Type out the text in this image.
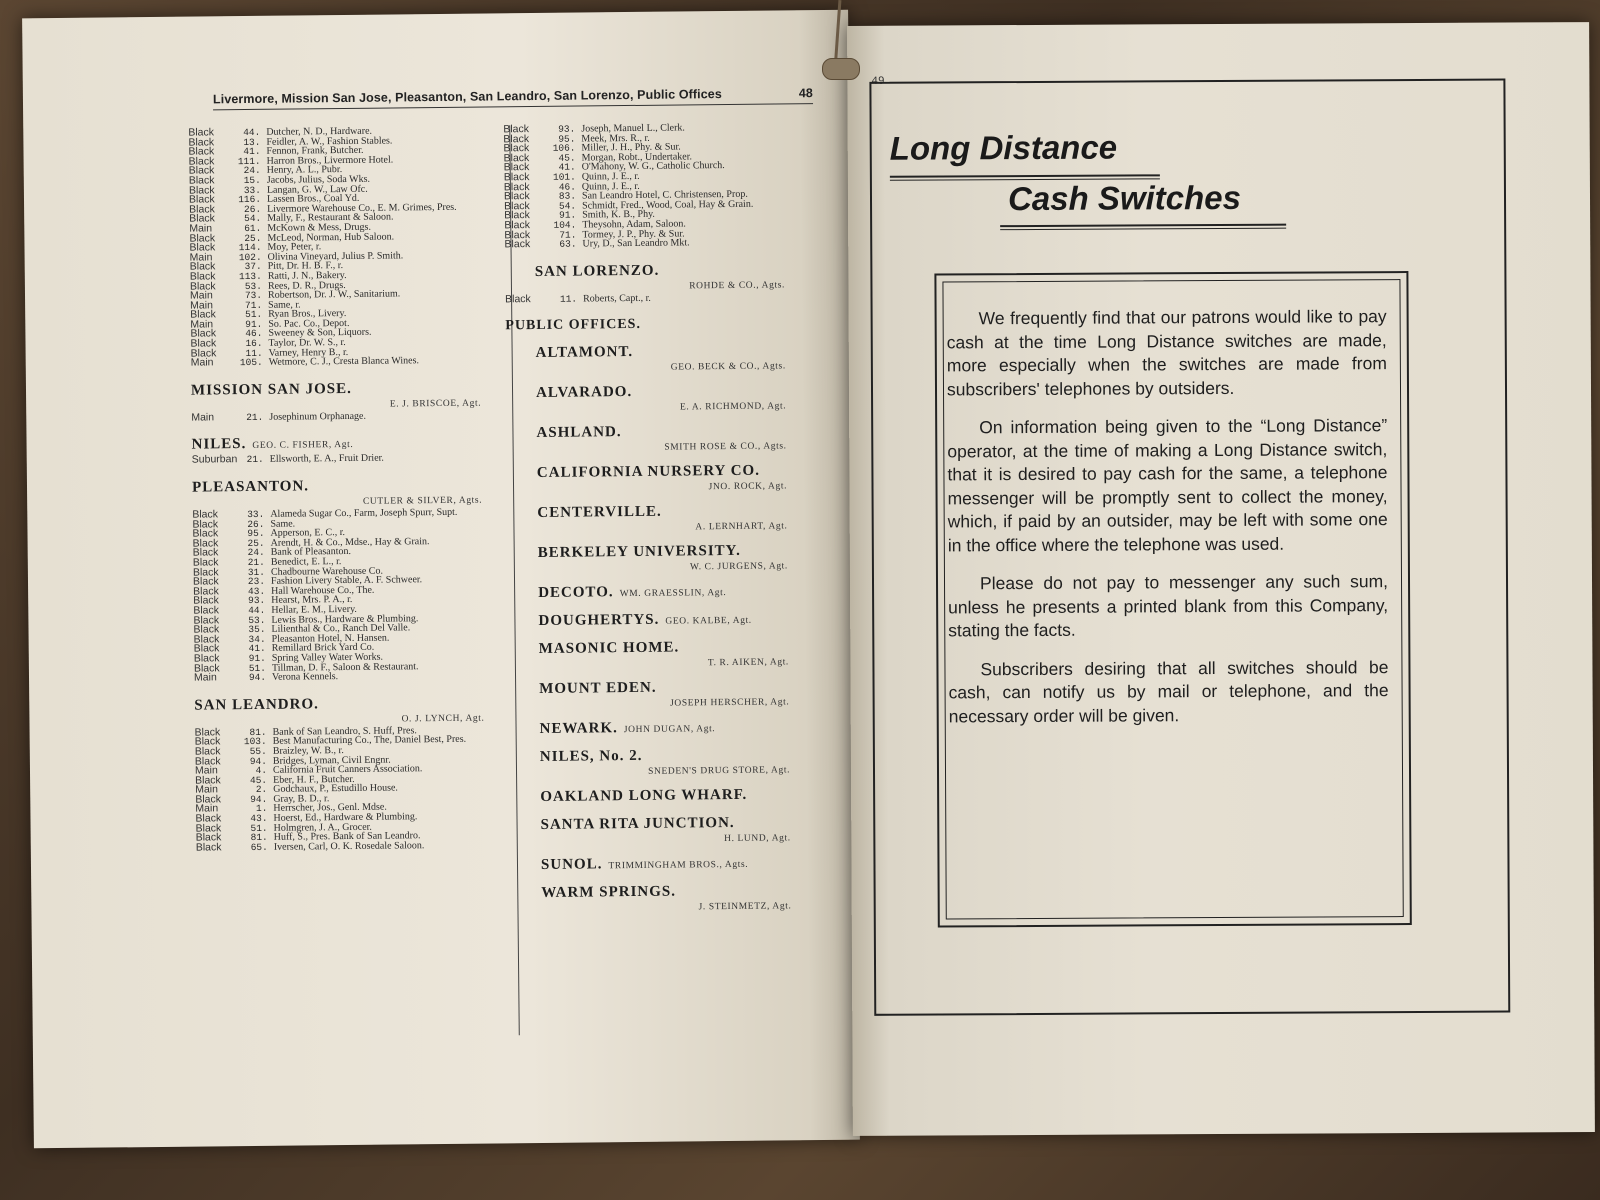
Livermore, Mission San Jose, Pleasanton, San Leandro, San Lorenzo, Public Offices	48
Black	44. Dutcher, N. D., Hardware.
Black	13. Feidler, A. W., Fashion Stables.
Black	41. Fennon, Frank, Butcher.
Black	111. Harron Bros., Livermore Hotel.
Black	24. Henry, A. L., Pubr.
Black	15. Jacobs, Julius, Soda Wks.
Black	33. Langan, G. W., Law Ofc.
Black	116. Lassen Bros., Coal Yd.
Black	26. Livermore Warehouse Co., E. M. Grimes, Pres.
Black	54. Mally, F., Restaurant & Saloon.
Main	61. McKown & Mess, Drugs.
Black	25. McLeod, Norman, Hub Saloon.
Black	114. Moy, Peter, r.
Main	102. Olivina Vineyard, Julius P. Smith.
Black	37. Pitt, Dr. H. B. F., r.
Black	113. Ratti, J. N., Bakery.
Black	53. Rees, D. R., Drugs.
Main	73. Robertson, Dr. J. W., Sanitarium.
Main	71. Same, r.
Black	51. Ryan Bros., Livery.
Main	91. So. Pac. Co., Depot.
Black	46. Sweeney & Son, Liquors.
Black	16. Taylor, Dr. W. S., r.
Black	11. Varney, Henry B., r.
Main	105. Wetmore, C. J., Cresta Blanca Wines.
MISSION SAN JOSE.
E. J. BRISCOE, Agt.
Main	21. Josephinum Orphanage.
NILES. GEO. C. FISHER, Agt.
Suburban 21. Ellsworth, E. A., Fruit Drier.
PLEASANTON.
CUTLER & SILVER, Agts.
Black	33. Alameda Sugar Co., Farm, Joseph Spurr, Supt.
Black	26. Same.
Black	95. Apperson, E. C., r.
Black	25. Arendt, H. & Co., Mdse., Hay & Grain.
Black	24. Bank of Pleasanton.
Black	21. Benedict, E. L., r.
Black	31. Chadbourne Warehouse Co.
Black	23. Fashion Livery Stable, A. F. Schweer.
Black	43. Hall Warehouse Co., The.
Black	93. Hearst, Mrs. P. A., r.
Black	44. Hellar, E. M., Livery.
Black	53. Lewis Bros., Hardware & Plumbing.
Black	35. Lilienthal & Co., Ranch Del Valle.
Black	34. Pleasanton Hotel, N. Hansen.
Black	41. Remillard Brick Yard Co.
Black	91. Spring Valley Water Works.
Black	51. Tillman, D. F., Saloon & Restaurant.
Main	94. Verona Kennels.
SAN LEANDRO.
O. J. LYNCH, Agt.
Black	81. Bank of San Leandro, S. Huff, Pres.
Black	103. Best Manufacturing Co., The, Daniel Best, Pres.
Black	55. Braizley, W. B., r.
Black	94. Bridges, Lyman, Civil Engnr.
Main	4. California Fruit Canners Association.
Black	45. Eber, H. F., Butcher.
Main	2. Godchaux, P., Estudillo House.
Black	94. Gray, B. D., r.
Main	1. Herrscher, Jos., Genl. Mdse.
Black	43. Hoerst, Ed., Hardware & Plumbing.
Black	51. Holmgren, J. A., Grocer.
Black	81. Huff, S., Pres. Bank of San Leandro.
Black	65. Iversen, Carl, O. K. Rosedale Saloon.
Black	93. Joseph, Manuel L., Clerk.
Black	95. Meek, Mrs. R., r.
Black	106. Miller, J. H., Phy. & Sur.
Black	45. Morgan, Robt., Undertaker.
Black	41. O'Mahony, W. G., Catholic Church.
Black	101. Quinn, J. E., r.
Black	46. Quinn, J. E., r.
Black	83. San Leandro Hotel, C. Christensen, Prop.
Black	54. Schmidt, Fred., Wood, Coal, Hay & Grain.
Black	91. Smith, K. B., Phy.
Black	104. Theysohn, Adam, Saloon.
Black	71. Tormey, J. P., Phy. & Sur.
Black	63. Ury, D., San Leandro Mkt.
SAN LORENZO.
ROHDE & CO., Agts.
Black	11. Roberts, Capt., r.
PUBLIC OFFICES.
ALTAMONT.
GEO. BECK & CO., Agts.
ALVARADO.
E. A. RICHMOND, Agt.
ASHLAND.
SMITH ROSE & CO., Agts.
CALIFORNIA NURSERY CO.
JNO. ROCK, Agt.
CENTERVILLE.
A. LERNHART, Agt.
BERKELEY UNIVERSITY.
W. C. JURGENS, Agt.
DECOTO. WM. GRAESSLIN, Agt.
DOUGHERTYS. GEO. KALBE, Agt.
MASONIC HOME.
T. R. AIKEN, Agt.
MOUNT EDEN.
JOSEPH HERSCHER, Agt.
NEWARK. JOHN DUGAN, Agt.
NILES, No. 2.
SNEDEN'S DRUG STORE, Agt.
OAKLAND LONG WHARF.
SANTA RITA JUNCTION.
H. LUND, Agt.
SUNOL. TRIMMINGHAM BROS., Agts.
WARM SPRINGS.
J. STEINMETZ, Agt.
49
Long Distance
Cash Switches

We frequently find that our patrons would like to pay cash at the time Long Distance switches are made, more especially when the switches are made from subscribers' telephones by outsiders.

On information being given to the “Long Distance” operator, at the time of making a Long Distance switch, that it is desired to pay cash for the same, a telephone messenger will be promptly sent to collect the money, which, if paid by an outsider, may be left with some one in the office where the telephone was used.

Please do not pay to messenger any such sum, unless he presents a printed blank from this Company, stating the facts.

Subscribers desiring that all switches should be cash, can notify us by mail or telephone, and the necessary order will be given.
